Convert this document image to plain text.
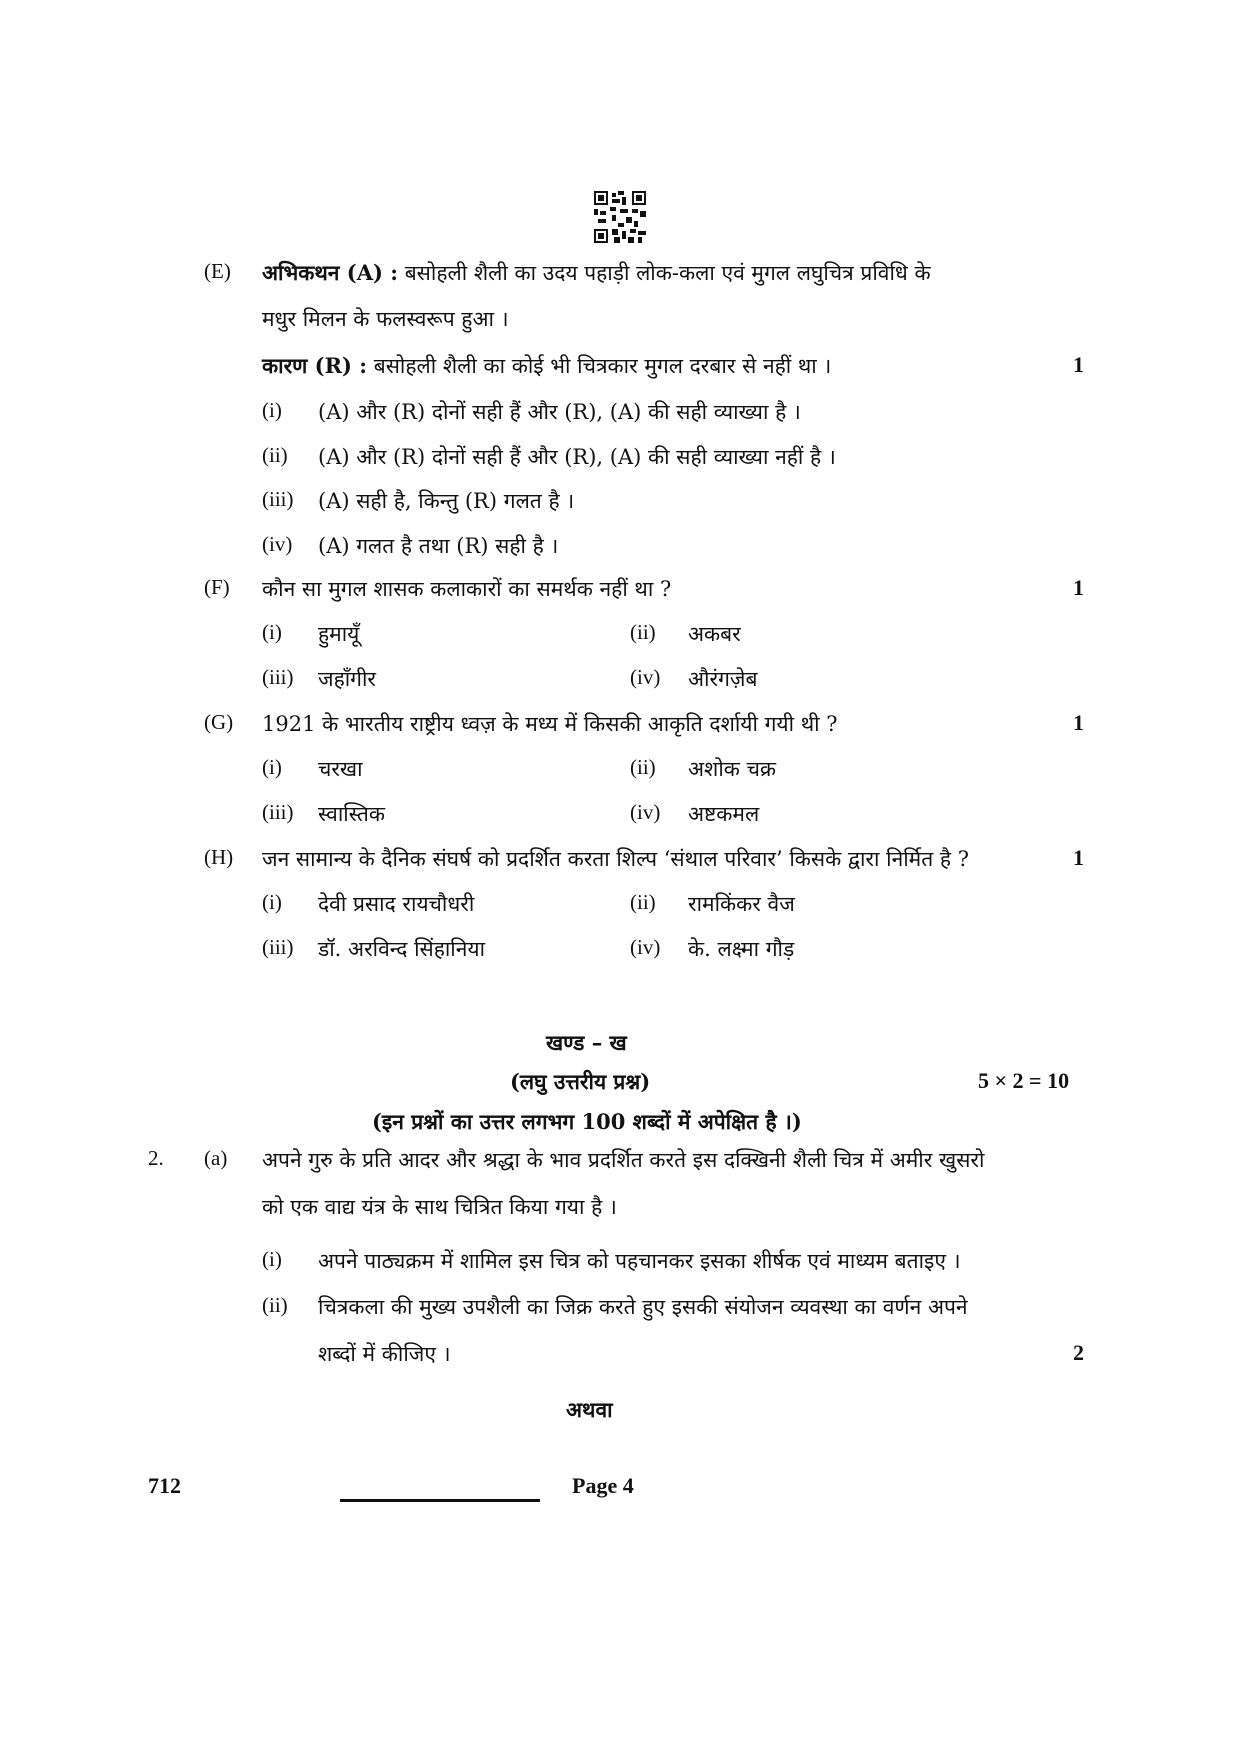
(E) अभिकथन (A) : बसोहली शैली का उदय पहाड़ी लोक-कला एवं मुगल लघुचित्र प्रविधि के
मधुर मिलन के फलस्वरूप हुआ ।
कारण (R) : बसोहली शैली का कोई भी चित्रकार मुगल दरबार से नहीं था ।	1
(i) (A) और (R) दोनों सही हैं और (R), (A) की सही व्याख्या है ।
(ii) (A) और (R) दोनों सही हैं और (R), (A) की सही व्याख्या नहीं है ।
(iii) (A) सही है, किन्तु (R) गलत है ।
(iv) (A) गलत है तथा (R) सही है ।
(F) कौन सा मुगल शासक कलाकारों का समर्थक नहीं था ?	1
(i) हुमायूँ	(ii) अकबर
(iii) जहाँगीर	(iv) औरंगज़ेब
(G) 1921 के भारतीय राष्ट्रीय ध्वज़ के मध्य में किसकी आकृति दर्शायी गयी थी ?	1
(i) चरखा	(ii) अशोक चक्र
(iii) स्वास्तिक	(iv) अष्टकमल
(H) जन सामान्य के दैनिक संघर्ष को प्रदर्शित करता शिल्प ‘संथाल परिवार’ किसके द्वारा निर्मित है ?	1
(i) देवी प्रसाद रायचौधरी	(ii) रामकिंकर वैज
(iii) डॉ. अरविन्द सिंहानिया	(iv) के. लक्ष्मा गौड़
खण्ड – ख
(लघु उत्तरीय प्रश्न)	5 × 2 = 10
(इन प्रश्नों का उत्तर लगभग 100 शब्दों में अपेक्षित है ।)
2. (a) अपने गुरु के प्रति आदर और श्रद्धा के भाव प्रदर्शित करते इस दक्खिनी शैली चित्र में अमीर खुसरो
को एक वाद्य यंत्र के साथ चित्रित किया गया है ।
(i) अपने पाठ्यक्रम में शामिल इस चित्र को पहचानकर इसका शीर्षक एवं माध्यम बताइए ।
(ii) चित्रकला की मुख्य उपशैली का जिक्र करते हुए इसकी संयोजन व्यवस्था का वर्णन अपने
शब्दों में कीजिए ।	2
अथवा
712	Page 4
